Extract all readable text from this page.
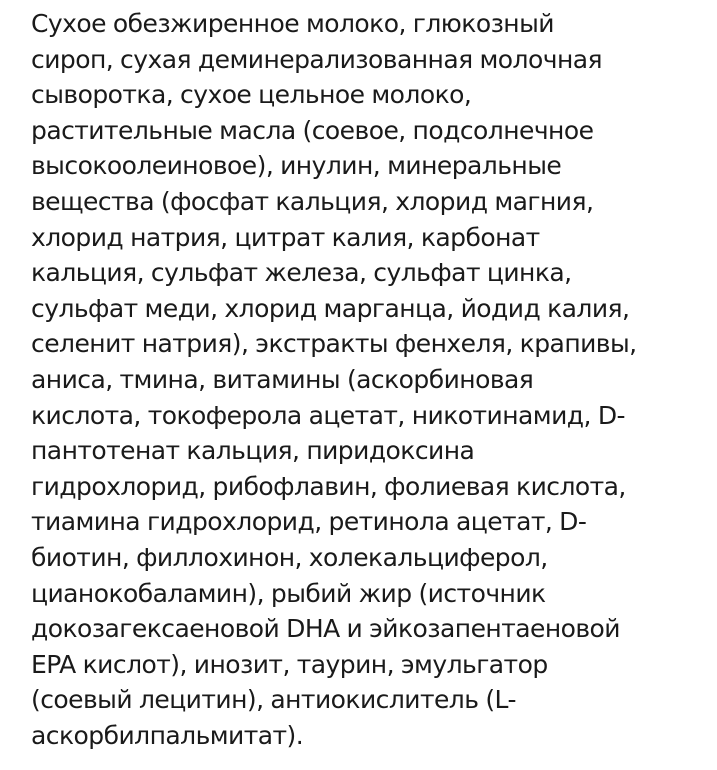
Сухое обезжиренное молоко, глюкозный
сироп, сухая деминерализованная молочная
сыворотка, сухое цельное молоко,
растительные масла (соевое, подсолнечное
высокоолеиновое), инулин, минеральные
вещества (фосфат кальция, хлорид магния,
хлорид натрия, цитрат калия, карбонат
кальция, сульфат железа, сульфат цинка,
сульфат меди, хлорид марганца, йодид калия,
селенит натрия), экстракты фенхеля, крапивы,
аниса, тмина, витамины (аскорбиновая
кислота, токоферола ацетат, никотинамид, D-
пантотенат кальция, пиридоксина
гидрохлорид, рибофлавин, фолиевая кислота,
тиамина гидрохлорид, ретинола ацетат, D-
биотин, филлохинон, холекальциферол,
цианокобаламин), рыбий жир (источник
докозагексаеновой DHA и эйкозапентаеновой
EPA кислот), инозит, таурин, эмульгатор
(соевый лецитин), антиокислитель (L-
аскорбилпальмитат).
